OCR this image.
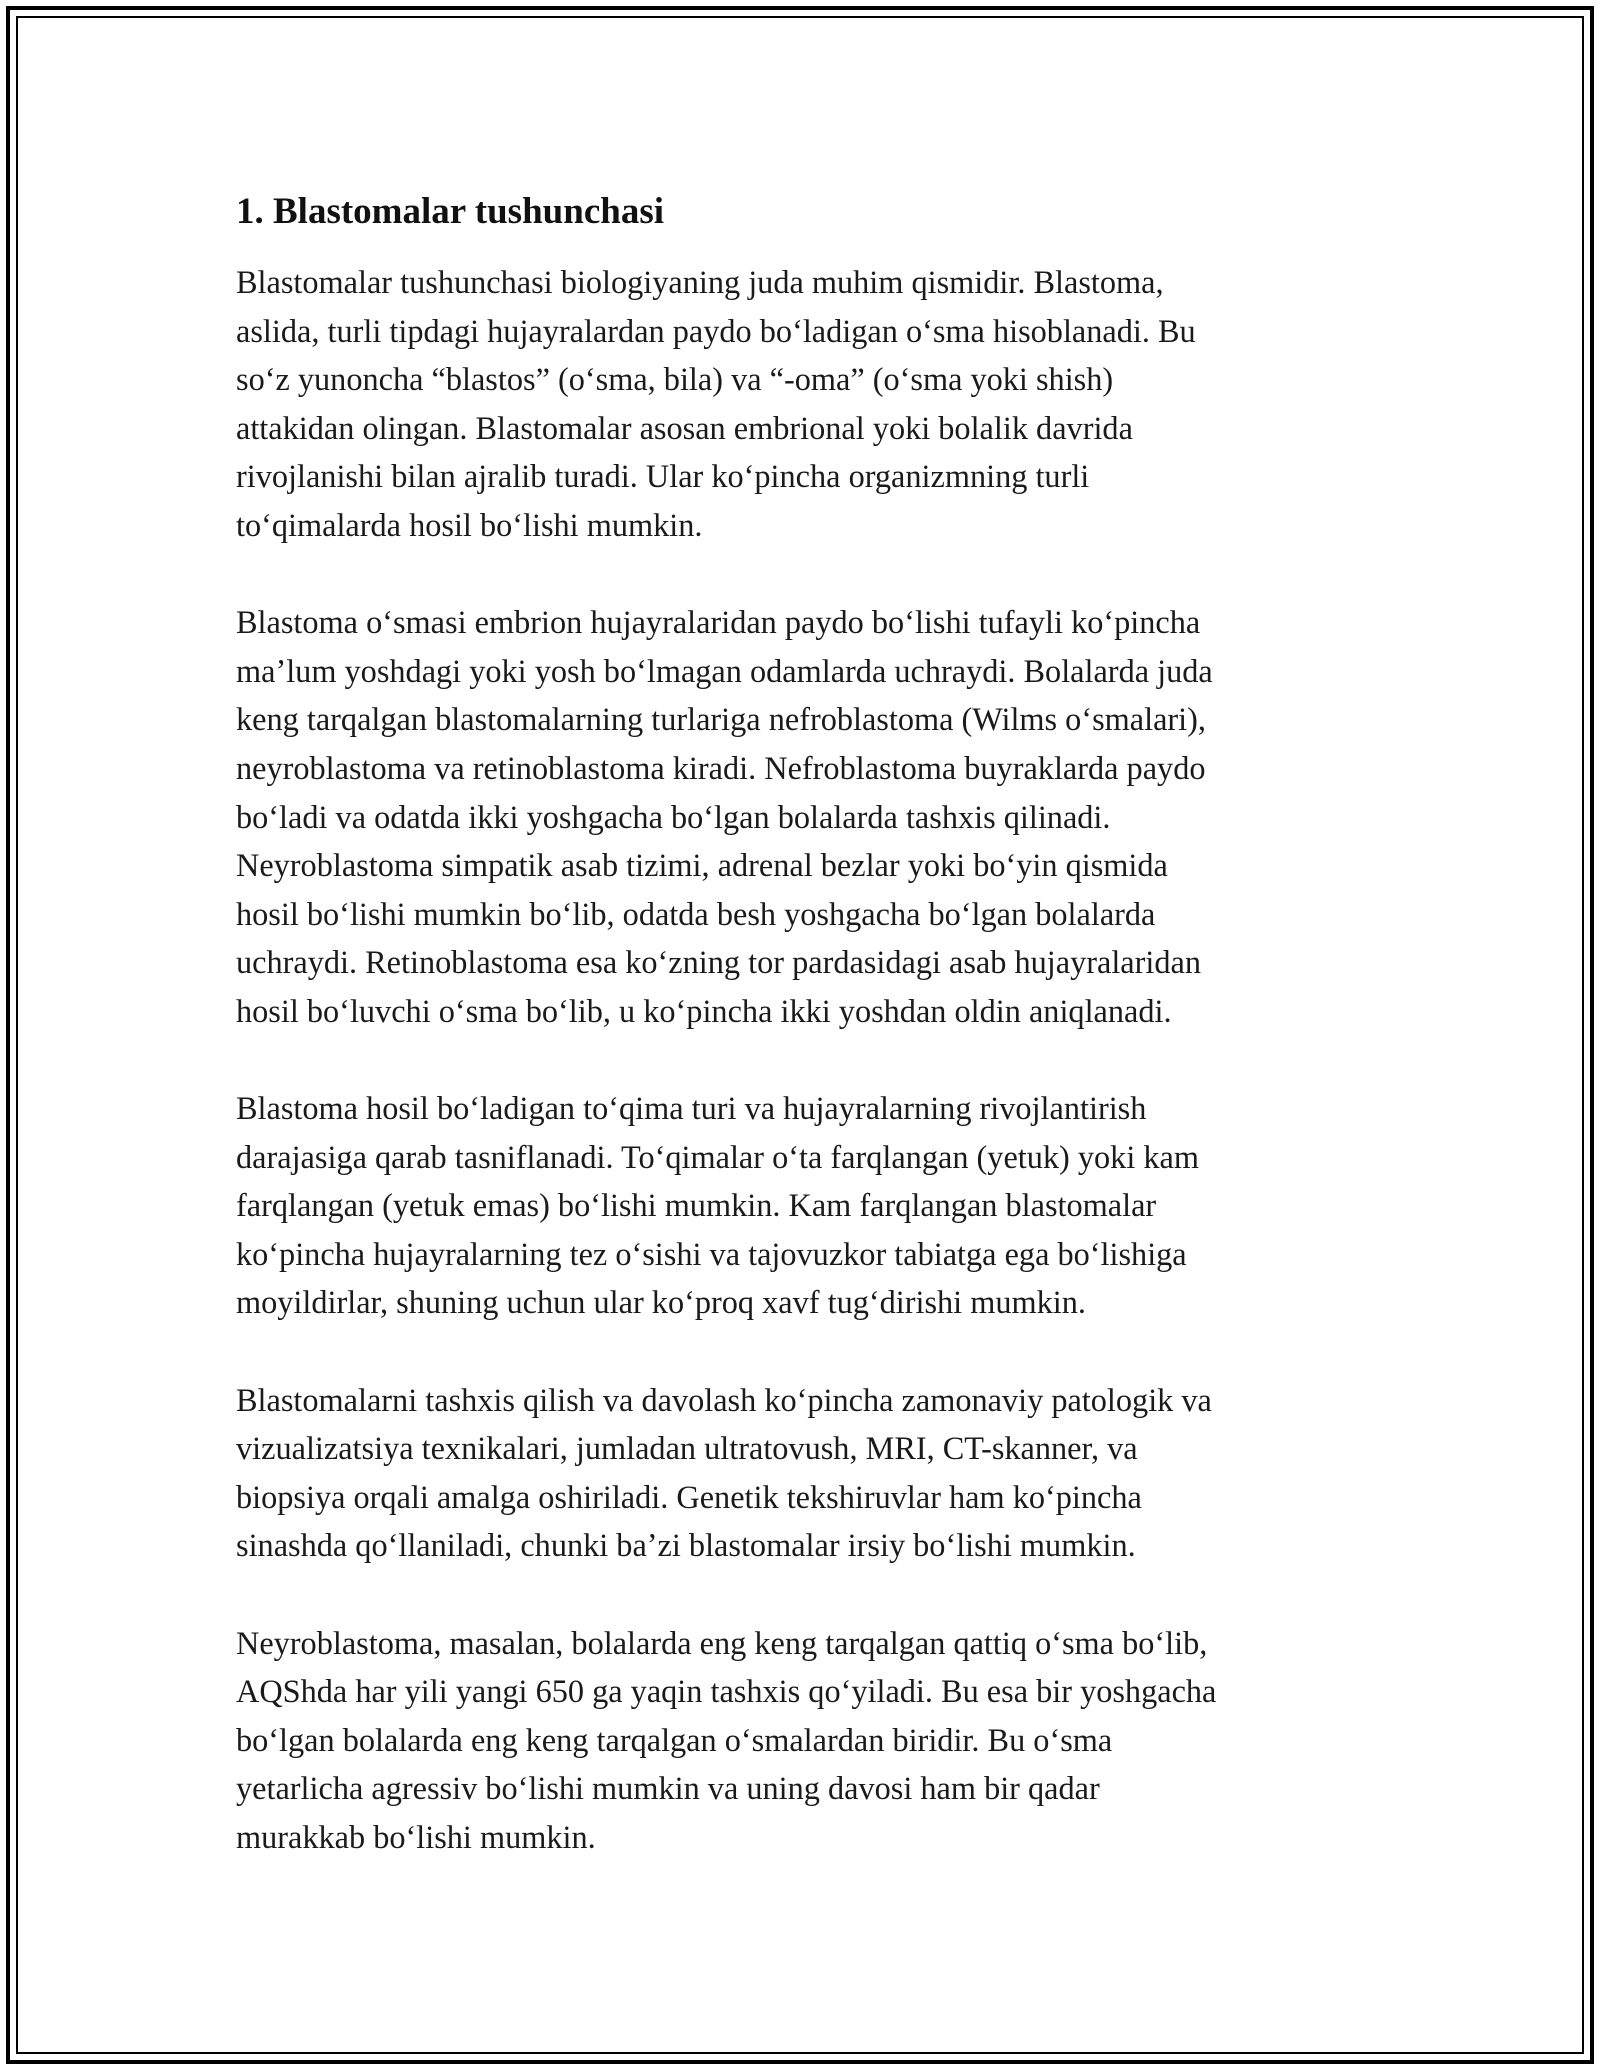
1. Blastomalar tushunchasi

Blastomalar tushunchasi biologiyaning juda muhim qismidir. Blastoma,
aslida, turli tipdagi hujayralardan paydo boʻladigan oʻsma hisoblanadi. Bu
soʻz yunoncha “blastos” (oʻsma, bila) va “-oma” (oʻsma yoki shish)
attakidan olingan. Blastomalar asosan embrional yoki bolalik davrida
rivojlanishi bilan ajralib turadi. Ular koʻpincha organizmning turli
toʻqimalarda hosil boʻlishi mumkin.

Blastoma oʻsmasi embrion hujayralaridan paydo boʻlishi tufayli koʻpincha
maʼlum yoshdagi yoki yosh boʻlmagan odamlarda uchraydi. Bolalarda juda
keng tarqalgan blastomalarning turlariga nefroblastoma (Wilms oʻsmalari),
neyroblastoma va retinoblastoma kiradi. Nefroblastoma buyraklarda paydo
boʻladi va odatda ikki yoshgacha boʻlgan bolalarda tashxis qilinadi.
Neyroblastoma simpatik asab tizimi, adrenal bezlar yoki boʻyin qismida
hosil boʻlishi mumkin boʻlib, odatda besh yoshgacha boʻlgan bolalarda
uchraydi. Retinoblastoma esa koʻzning tor pardasidagi asab hujayralaridan
hosil boʻluvchi oʻsma boʻlib, u koʻpincha ikki yoshdan oldin aniqlanadi.

Blastoma hosil boʻladigan toʻqima turi va hujayralarning rivojlantirish
darajasiga qarab tasniflanadi. Toʻqimalar oʻta farqlangan (yetuk) yoki kam
farqlangan (yetuk emas) boʻlishi mumkin. Kam farqlangan blastomalar
koʻpincha hujayralarning tez oʻsishi va tajovuzkor tabiatga ega boʻlishiga
moyildirlar, shuning uchun ular koʻproq xavf tugʻdirishi mumkin.

Blastomalarni tashxis qilish va davolash koʻpincha zamonaviy patologik va
vizualizatsiya texnikalari, jumladan ultratovush, MRI, CT-skanner, va
biopsiya orqali amalga oshiriladi. Genetik tekshiruvlar ham koʻpincha
sinashda qoʻllaniladi, chunki baʼzi blastomalar irsiy boʻlishi mumkin.

Neyroblastoma, masalan, bolalarda eng keng tarqalgan qattiq oʻsma boʻlib,
AQShda har yili yangi 650 ga yaqin tashxis qoʻyiladi. Bu esa bir yoshgacha
boʻlgan bolalarda eng keng tarqalgan oʻsmalardan biridir. Bu oʻsma
yetarlicha agressiv boʻlishi mumkin va uning davosi ham bir qadar
murakkab boʻlishi mumkin.
